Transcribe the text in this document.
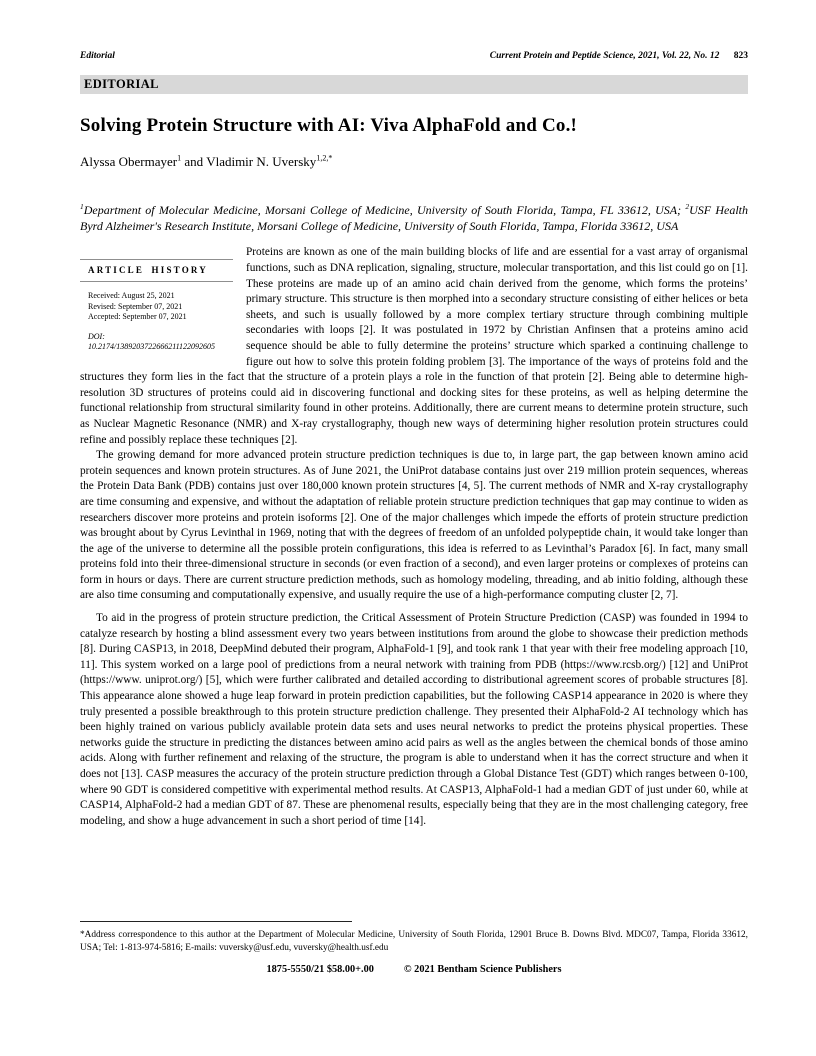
Editorial	Current Protein and Peptide Science, 2021, Vol. 22, No. 12 823
EDITORIAL
Solving Protein Structure with AI: Viva AlphaFold and Co.!
Alyssa Obermayer$^1$ and Vladimir N. Uversky$^{1,2,*}$
$^1$Department of Molecular Medicine, Morsani College of Medicine, University of South Florida, Tampa, FL 33612, USA; $^2$USF Health Byrd Alzheimer's Research Institute, Morsani College of Medicine, University of South Florida, Tampa, Florida 33612, USA

ARTICLE HISTORY
Received: August 25, 2021
Revised: September 07, 2021
Accepted: September 07, 2021
DOI:
10.2174/1389203722666211122092605
Proteins are known as one of the main building blocks of life and are essential for a vast array of organismal functions, such as DNA replication, signaling, structure, molecular transportation, and this list could go on [1]. These proteins are made up of an amino acid chain derived from the genome, which forms the proteins’ primary structure. This structure is then morphed into a secondary structure consisting of either helices or beta sheets, and such is usually followed by a more complex tertiary structure through combining multiple secondaries with loops [2]. It was postulated in 1972 by Christian Anfinsen that a proteins amino acid sequence should be able to fully determine the proteins’ structure which sparked a continuing challenge to figure out how to solve this protein folding problem [3]. The importance of the ways of proteins fold and the structures they form lies in the fact that the structure of a protein plays a role in the function of that protein [2]. Being able to determine high-resolution 3D structures of proteins could aid in discovering functional and docking sites for these proteins, as well as helping determine the functional relationship from structural similarity found in other proteins. Additionally, there are current means to determine protein structure, such as Nuclear Magnetic Resonance (NMR) and X-ray crystallography, though new ways of determining higher resolution protein structures could refine and possibly replace these techniques [2].

The growing demand for more advanced protein structure prediction techniques is due to, in large part, the gap between known amino acid protein sequences and known protein structures. As of June 2021, the UniProt database contains just over 219 million protein sequences, whereas the Protein Data Bank (PDB) contains just over 180,000 known protein structures [4, 5]. The current methods of NMR and X-ray crystallography are time consuming and expensive, and without the adaptation of reliable protein structure prediction techniques that gap may continue to widen as researchers discover more proteins and protein isoforms [2]. One of the major challenges which impede the efforts of protein structure prediction was brought about by Cyrus Levinthal in 1969, noting that with the degrees of freedom of an unfolded polypeptide chain, it would take longer than the age of the universe to determine all the possible protein configurations, this idea is referred to as Levinthal’s Paradox [6]. In fact, many small proteins fold into their three-dimensional structure in seconds (or even fraction of a second), and even larger proteins or complexes of proteins can form in hours or days. There are current structure prediction methods, such as homology modeling, threading, and ab initio folding, although these are also time consuming and computationally expensive, and usually require the use of a high-performance computing cluster [2, 7].

To aid in the progress of protein structure prediction, the Critical Assessment of Protein Structure Prediction (CASP) was founded in 1994 to catalyze research by hosting a blind assessment every two years between institutions from around the globe to showcase their prediction methods [8]. During CASP13, in 2018, DeepMind debuted their program, AlphaFold-1 [9], and took rank 1 that year with their free modeling approach [10, 11]. This system worked on a large pool of predictions from a neural network with training from PDB (https://www.rcsb.org/) [12] and UniProt (https://www. uniprot.org/) [5], which were further calibrated and detailed according to distributional agreement scores of probable structures [8]. This appearance alone showed a huge leap forward in protein prediction capabilities, but the following CASP14 appearance in 2020 is where they truly presented a possible breakthrough to this protein structure prediction challenge. They presented their AlphaFold-2 AI technology which has been highly trained on various publicly available protein data sets and uses neural networks to predict the proteins physical properties. These networks guide the structure in predicting the distances between amino acid pairs as well as the angles between the chemical bonds of those amino acids. Along with further refinement and relaxing of the structure, the program is able to understand when it has the correct structure and when it does not [13]. CASP measures the accuracy of the protein structure prediction through a Global Distance Test (GDT) which ranges between 0-100, where 90 GDT is considered competitive with experimental method results. At CASP13, AlphaFold-1 had a median GDT of just under 60, while at CASP14, AlphaFold-2 had a median GDT of 87. These are phenomenal results, especially being that they are in the most challenging category, free modeling, and show a huge advancement in such a short period of time [14].

*Address correspondence to this author at the Department of Molecular Medicine, University of South Florida, 12901 Bruce B. Downs Blvd. MDC07, Tampa, Florida 33612, USA; Tel: 1-813-974-5816; E-mails: vuversky@usf.edu, vuversky@health.usf.edu
1875-5550/21 $58.00+.00	© 2021 Bentham Science Publishers
